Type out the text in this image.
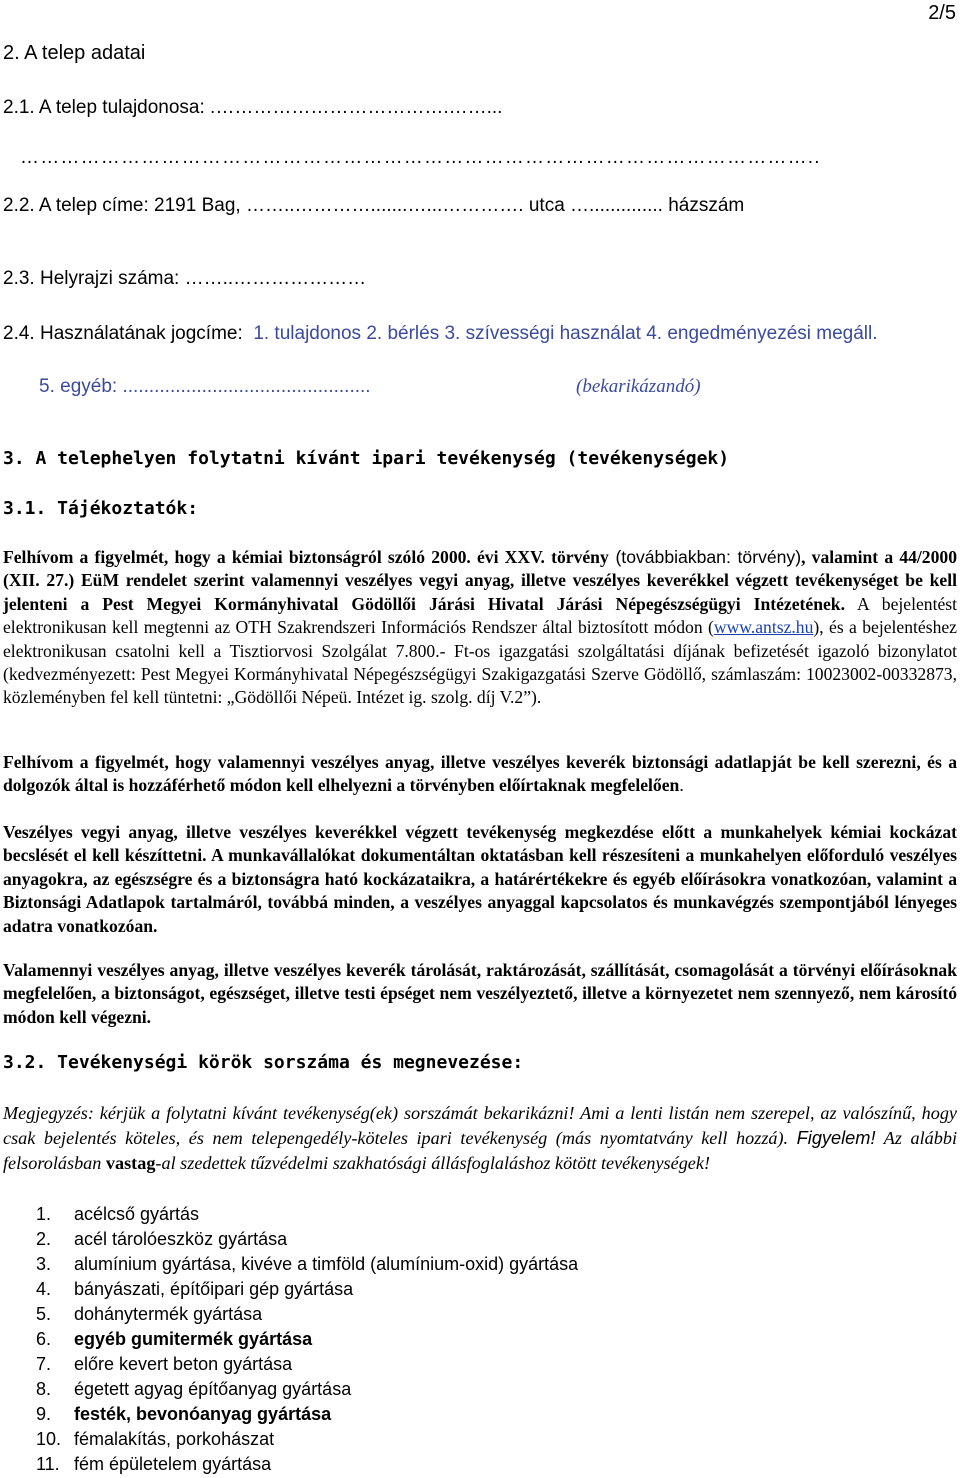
2/5
2. A telep adatai
2.1. A telep tulajdonosa: .……………………………….……...
………………………………………………………………………………………………………..
2.2. A telep címe: 2191 Bag, ……..………….......…...…………. utca ….............. házszám
2.3. Helyrajzi száma: ……..…………………
2.4. Használatának jogcíme: 1. tulajdonos 2. bérlés 3. szívességi használat 4. engedményezési megáll.
5. egyéb: ...............................................	(bekarikázandó)
3. A telephelyen folytatni kívánt ipari tevékenység (tevékenységek)
3.1. Tájékoztatók:
Felhívom a figyelmét, hogy a kémiai biztonságról szóló 2000. évi XXV. törvény (továbbiakban: törvény), valamint a 44/2000 (XII. 27.) EüM rendelet szerint valamennyi veszélyes vegyi anyag, illetve veszélyes keverékkel végzett tevékenységet be kell jelenteni a Pest Megyei Kormányhivatal Gödöllői Járási Hivatal Járási Népegészségügyi Intézetének. A bejelentést elektronikusan kell megtenni az OTH Szakrendszeri Információs Rendszer által biztosított módon (www.antsz.hu), és a bejelentéshez elektronikusan csatolni kell a Tisztiorvosi Szolgálat 7.800.- Ft-os igazgatási szolgáltatási díjának befizetését igazoló bizonylatot (kedvezményezett: Pest Megyei Kormányhivatal Népegészségügyi Szakigazgatási Szerve Gödöllő, számlaszám: 10023002-00332873, közleményben fel kell tüntetni: „Gödöllői Népeü. Intézet ig. szolg. díj V.2”).
Felhívom a figyelmét, hogy valamennyi veszélyes anyag, illetve veszélyes keverék biztonsági adatlapját be kell szerezni, és a dolgozók által is hozzáférhető módon kell elhelyezni a törvényben előírtaknak megfelelően.
Veszélyes vegyi anyag, illetve veszélyes keverékkel végzett tevékenység megkezdése előtt a munkahelyek kémiai kockázat becslését el kell készíttetni. A munkavállalókat dokumentáltan oktatásban kell részesíteni a munkahelyen előforduló veszélyes anyagokra, az egészségre és a biztonságra ható kockázataikra, a határértékekre és egyéb előírásokra vonatkozóan, valamint a Biztonsági Adatlapok tartalmáról, továbbá minden, a veszélyes anyaggal kapcsolatos és munkavégzés szempontjából lényeges adatra vonatkozóan.
Valamennyi veszélyes anyag, illetve veszélyes keverék tárolását, raktározását, szállítását, csomagolását a törvényi előírásoknak megfelelően, a biztonságot, egészséget, illetve testi épséget nem veszélyeztető, illetve a környezetet nem szennyező, nem károsító módon kell végezni.
3.2. Tevékenységi körök sorszáma és megnevezése:
Megjegyzés: kérjük a folytatni kívánt tevékenység(ek) sorszámát bekarikázni! Ami a lenti listán nem szerepel, az valószínű, hogy csak bejelentés köteles, és nem telepengedély-köteles ipari tevékenység (más nyomtatvány kell hozzá). Figyelem! Az alábbi felsorolásban vastag-al szedettek tűzvédelmi szakhatósági állásfoglaláshoz kötött tevékenységek!
1.	acélcső gyártás
2.	acél tárolóeszköz gyártása
3.	alumínium gyártása, kivéve a timföld (alumínium-oxid) gyártása
4.	bányászati, építőipari gép gyártása
5.	dohánytermék gyártása
6.	egyéb gumitermék gyártása
7.	előre kevert beton gyártása
8.	égetett agyag építőanyag gyártása
9.	festék, bevonóanyag gyártása
10. fémalakítás, porkohászat
11. fém épületelem gyártása
